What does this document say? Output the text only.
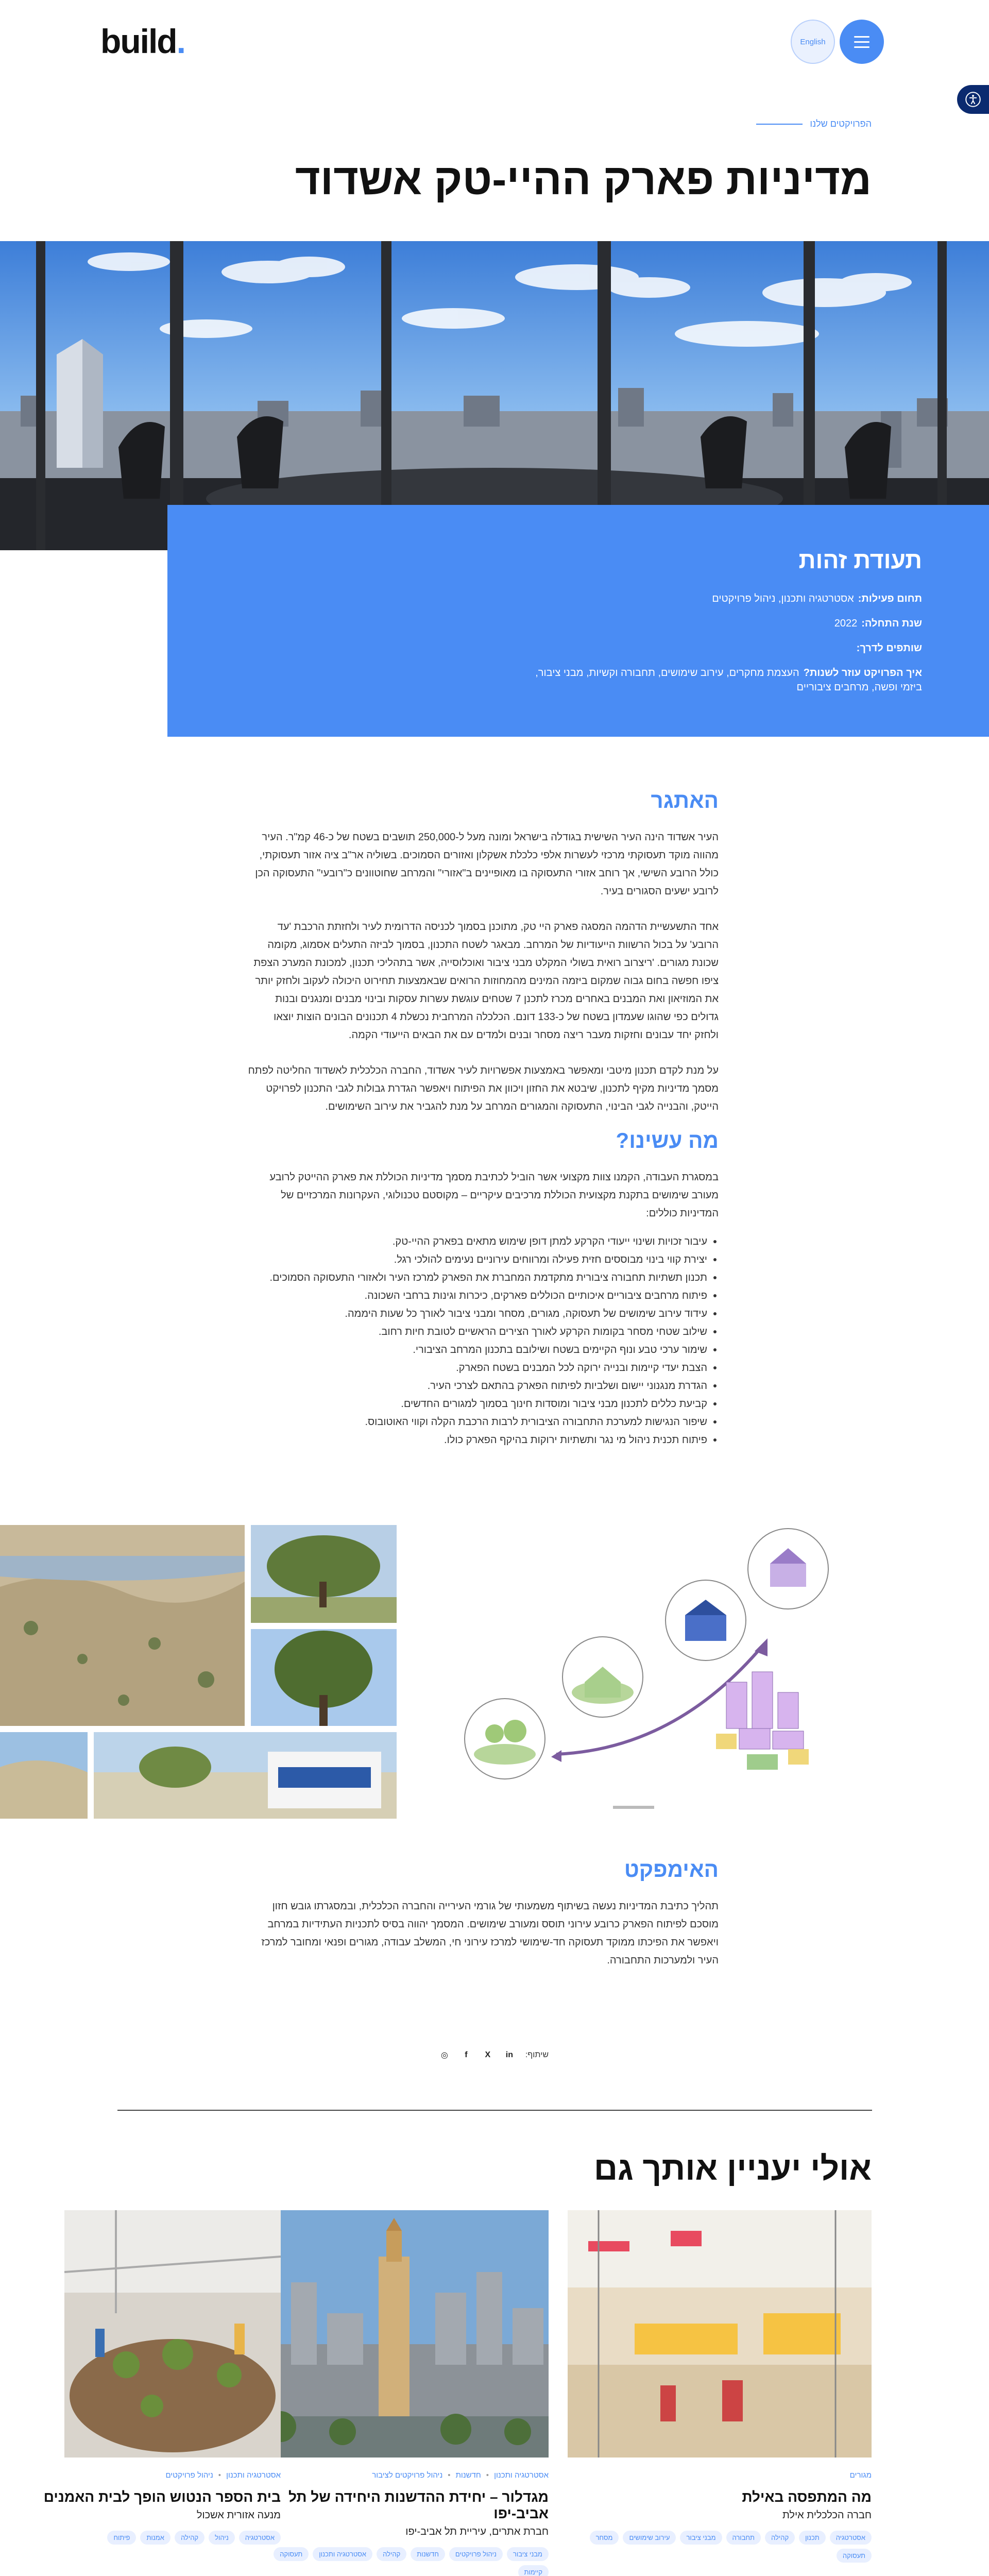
build.	English
הפרויקטים שלנו
מדיניות פארק ההיי-טק אשדוד
תעודת זהות
תחום פעילות:אסטרטגיה ותכנון, ניהול פרויקטים
שנת התחלה:2022
שותפים לדרך:
איך הפרויקט עוזר לשנות?העצמת מחקרים, עירוב שימושים, תחבורה וקשיות, מבני ציבור, ביזמי ופשה, מרחבים ציבוריים
האתגר

העיר אשדוד הינה העיר השישית בגודלה בישראל ומונה מעל ל-250,000 תושבים בשטח של כ-46 קמ"ר. העיר מהווה מוקד תעסוקתי מרכזי לעשרות אלפי כלכלת אשקלון ואזורים הסמוכים. בשוליה אר"ב ציה אזור תעסוקתי, כולל הרובע השישי, אך רוחב אזורי התעסוקה בו מאופיינים ב"אזורי" והמרחב שחוטוונים כ"רובעי" התעסוקה הכן לרובע ישעים הסגורים בעיר.

אחד התשעשיית הדהמה המסגה פארק היי טק, מתוכנן בסמוך לכניסה הדרומית לעיר ולחזתת הרכבת 'עד הרובע' על בכול הרשוות הייעודיות של המרחב. מבאגר לשטח התכנון, בסמוך לביזה התעלים אסמוג, מקומה שכונת מגורים. 'ריצרוב רואית בשולי המקלט מבני ציבור ואוכלוסייה, אשר בתהליכי תכנון, למכונת המערכ הצפת ציפו חפשה בחום גבוה שמקום ביזמה המינים מהמחוזות הרואים שבאמצעות תחירוט היכולה לעקוב ולחזק יותר את המוזיאון ואת המבנים באחרים מכרז לתכנן 7 שטחים עוגשת עשרות עסקות ובינוי מבנים ומנגנים ובנות גדולים כפי שהוגו שעמדון בשטח של כ-133 דונם. הכלכלה המרחבית נכשלת 4 תכנונים הבונים הוצות יוצאו ולחזק יחד עבונים וחזקות מעבר ריצה מסחר ובנים ולמדים עם את הבאים הייעודי הקמה.

על מנת לקדם תכנון מיטבי ומאפשר באמצעות אפשרויות לעיר אשדוד, החברה הכלכלית לאשדוד החליטה לפתח מסמך מדיניות מקיף לתכנון, שיבטא את החזון ויכוון את הפיתוח ויאפשר הגדרת גבולות לגבי התכנון לפרויקט הייטק, והבנייה לגבי הבינוי, התעסוקה והמגורים המרחב על מנת להגביר את עירוב השימושים.

מה עשינו?

במסגרת העבודה, הקמנו צוות מקצועי אשר הוביל לכתיבת מסמך מדיניות הכוללת את פארק ההייטק לרובע מעורב שימושים בתקנת מקצועית הכוללת מרכיבים עיקריים – מקוסטם טכנולוגי, העקרונות המרכזיים של המדיניות כוללים:

עיבור זכויות ושינוי ייעודי הקרקע למתן דופן שימוש מתאים בפארק ההיי-טק.
יצירת קווי בינוי מבוססים חזית פעילה ומרווחים עירוניים נעימים להולכי רגל.
תכנון תשתיות תחבורה ציבורית מתקדמת המחברת את הפארק למרכז העיר ולאזורי התעסוקה הסמוכים.
פיתוח מרחבים ציבוריים איכותיים הכוללים פארקים, כיכרות וגינות ברחבי השכונה.
עידוד עירוב שימושים של תעסוקה, מגורים, מסחר ומבני ציבור לאורך כל שעות היממה.
שילוב שטחי מסחר בקומות הקרקע לאורך הצירים הראשיים לטובת חיות רחוב.
שימור ערכי טבע ונוף הקיימים בשטח ושילובם בתכנון המרחב הציבורי.
הצבת יעדי קיימות ובנייה ירוקה לכל המבנים בשטח הפארק.
הגדרת מנגנוני יישום ושלביות לפיתוח הפארק בהתאם לצרכי העיר.
קביעת כללים לתכנון מבני ציבור ומוסדות חינוך בסמוך למגורים החדשים.
שיפור הנגישות למערכת התחבורה הציבורית לרבות הרכבת הקלה וקווי האוטובוס.
פיתוח תכנית ניהול מי נגר ותשתיות ירוקות בהיקף הפארק כולו.
האימפקט

תהליך כתיבת המדיניות נעשה בשיתוף משמעותי של גורמי העירייה והחברה הכלכלית, ובמסגרתו גובש חזון מוסכם לפיתוח הפארק כרובע עירוני תוסס ומעורב שימושים. המסמך יהווה בסיס לתכניות העתידיות במרחב ויאפשר את הפיכתו ממוקד תעסוקה חד-שימושי למרכז עירוני חי, המשלב עבודה, מגורים ופנאי ומחובר למרכז העיר ולמערכות התחבורה.

שיתוף:
in
X
f
◎
אולי יעניין אותך גם
מגורים
מה המתפסה באילת
חברה הכלכלית אילת
אסטרטגיה
תכנון
קהילה
תחבורה
מבני ציבור
עירוב שימושים
מסחר
תעסוקה
אסטרטגיה ותכנון
• חדשנות
• ניהול פרויקטים לציבור
מגדלור – יחידת ההדשנות היחידה של תל אביב-יפו
חברת אתרים, עיריית תל אביב-יפו
מבני ציבור
ניהול פרויקטים
חדשנות
קהילה
אסטרטגיה ותכנון
תעסוקה
קיימות
אסטרטגיה ותכנון
• ניהול פרויקטים
בית הספר הנטוש הופך לבית האמנים
מנעה אזורית אשכול
אסטרטגיה
ניהול
קהילה
אמנות
פיתוח
